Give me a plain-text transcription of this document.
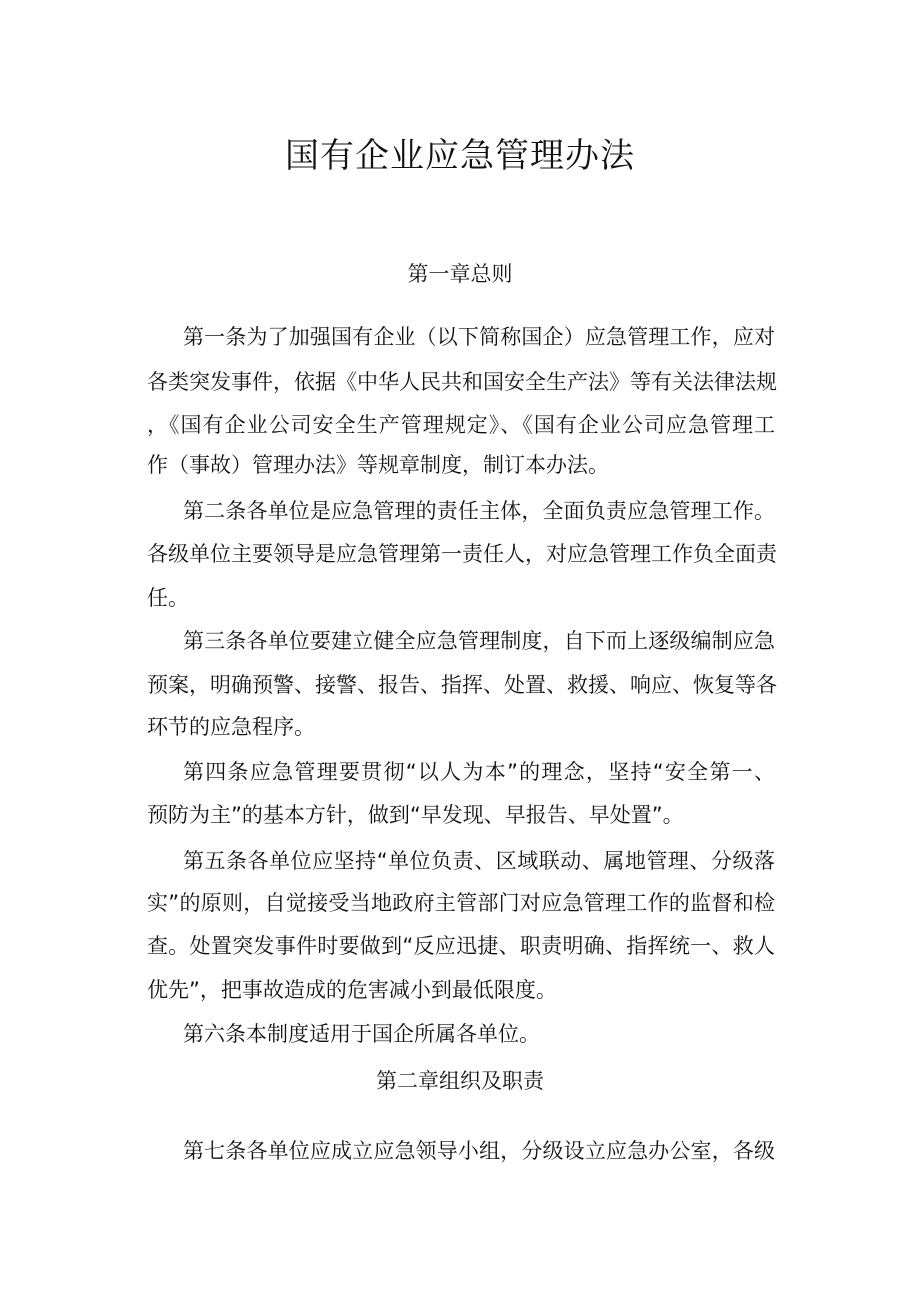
国有企业应急管理办法
第一章总则
第一条为了加强国有企业（以下简称国企）应急管理工作，应对
各类突发事件，依据《中华人民共和国安全生产法》等有关法律法规
，《国有企业公司安全生产管理规定》、《国有企业公司应急管理工
作（事故）管理办法》等规章制度，制订本办法。
第二条各单位是应急管理的责任主体，全面负责应急管理工作。
各级单位主要领导是应急管理第一责任人，对应急管理工作负全面责
任。
第三条各单位要建立健全应急管理制度，自下而上逐级编制应急
预案，明确预警、接警、报告、指挥、处置、救援、响应、恢复等各
环节的应急程序。
第四条应急管理要贯彻“以人为本”的理念，坚持“安全第一、
预防为主”的基本方针，做到“早发现、早报告、早处置”。
第五条各单位应坚持“单位负责、区域联动、属地管理、分级落
实”的原则，自觉接受当地政府主管部门对应急管理工作的监督和检
查。处置突发事件时要做到“反应迅捷、职责明确、指挥统一、救人
优先”，把事故造成的危害减小到最低限度。
第六条本制度适用于国企所属各单位。
第二章组织及职责
第七条各单位应成立应急领导小组，分级设立应急办公室，各级
